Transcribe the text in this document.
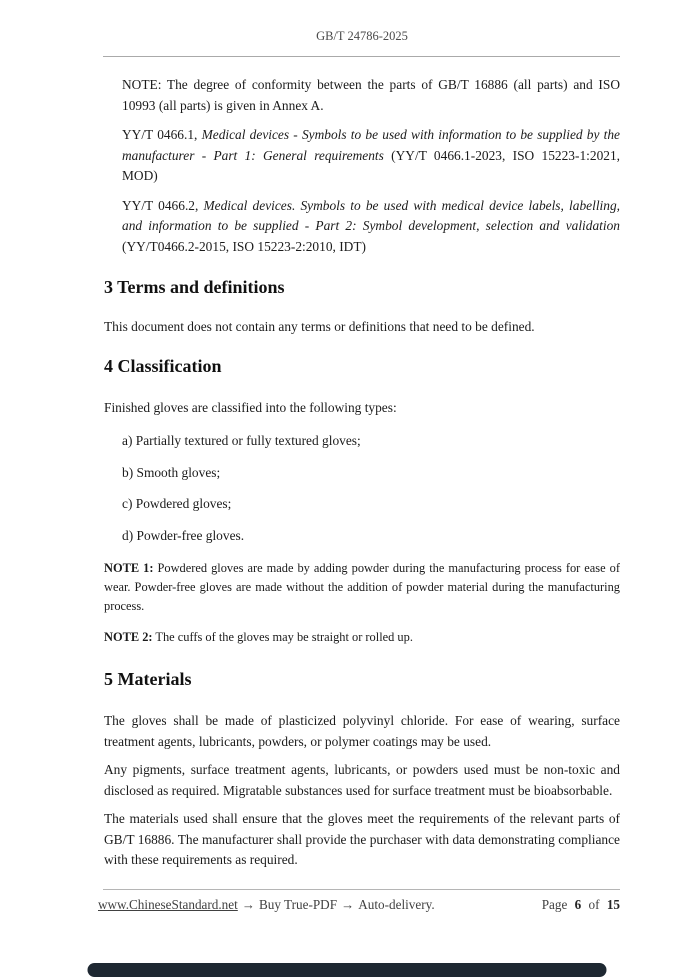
GB/T 24786-2025

NOTE: The degree of conformity between the parts of GB/T 16886 (all parts) and ISO 10993 (all parts) is given in Annex A.

YY/T 0466.1, Medical devices - Symbols to be used with information to be supplied by the manufacturer - Part 1: General requirements (YY/T 0466.1-2023, ISO 15223-1:2021, MOD)

YY/T 0466.2, Medical devices. Symbols to be used with medical device labels, labelling, and information to be supplied - Part 2: Symbol development, selection and validation (YY/T0466.2-2015, ISO 15223-2:2010, IDT)

3 Terms and definitions

This document does not contain any terms or definitions that need to be defined.

4 Classification

Finished gloves are classified into the following types:

a) Partially textured or fully textured gloves;

b) Smooth gloves;

c) Powdered gloves;

d) Powder-free gloves.

NOTE 1: Powdered gloves are made by adding powder during the manufacturing process for ease of wear. Powder-free gloves are made without the addition of powder material during the manufacturing process.

NOTE 2: The cuffs of the gloves may be straight or rolled up.

5 Materials

The gloves shall be made of plasticized polyvinyl chloride. For ease of wearing, surface treatment agents, lubricants, powders, or polymer coatings may be used.

Any pigments, surface treatment agents, lubricants, or powders used must be non-toxic and disclosed as required. Migratable substances used for surface treatment must be bioabsorbable.

The materials used shall ensure that the gloves meet the requirements of the relevant parts of GB/T 16886. The manufacturer shall provide the purchaser with data demonstrating compliance with these requirements as required.

www.ChineseStandard.net → Buy True-PDF → Auto-delivery.	Page 6 of 15
